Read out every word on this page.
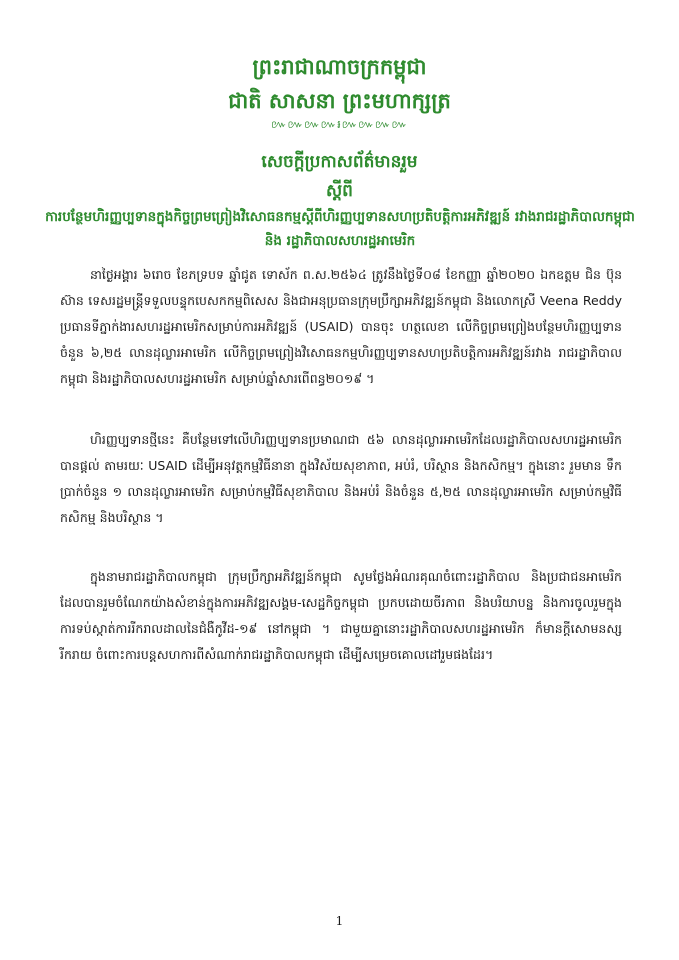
ព្រះរាជាណាចក្រកម្ពុជា
ជាតិ សាសនា ព្រះមហាក្សត្រ
៚៚៚៚៛៚៚៚៚
សេចក្តីប្រកាសព័ត៌មានរួម
ស្តីពី
ការបន្ថែមហិរញ្ញប្បទានក្នុងកិច្ចព្រមព្រៀងវិសោធនកម្មស្តីពីហិរញ្ញប្បទានសហប្រតិបត្តិការអភិវឌ្ឍន៍ រវាងរាជរដ្ឋាភិបាលកម្ពុជា និង រដ្ឋាភិបាលសហរដ្ឋអាមេរិក
នាថ្ងៃអង្គារ ៦រោច ខែភទ្របទ ឆ្នាំជូត ទោស័ក ព.ស.២៥៦៤ ត្រូវនឹងថ្ងៃទី០៨ ខែកញ្ញា ឆ្នាំ២០២០ ឯកឧត្តម ជិន ប៊ុនស៊ាន ទេសរដ្ឋមន្ត្រីទទួលបន្ទុកបេសកកម្មពិសេស និងជាអនុប្រធានក្រុមប្រឹក្សាអភិវឌ្ឍន៍កម្ពុជា និងលោកស្រី Veena Reddy ប្រធានទីភ្នាក់ងារសហរដ្ឋអាមេរិកសម្រាប់ការអភិវឌ្ឍន៍ (USAID) បានចុះ ហត្ថលេខា លើកិច្ចព្រមព្រៀងបន្ថែមហិរញ្ញប្បទាន ចំនួន ៦,២៥ លានដុល្លារអាមេរិក លើកិច្ចព្រមព្រៀងវិសោធនកម្មហិរញ្ញប្បទានសហប្រតិបត្តិការអភិវឌ្ឍន៍រវាង រាជរដ្ឋាភិបាលកម្ពុជា និងរដ្ឋាភិបាលសហរដ្ឋអាមេរិក សម្រាប់ឆ្នាំសារពើពន្ធ២០១៩ ។
ហិរញ្ញប្បទានថ្មីនេះ គឺបន្ថែមទៅលើហិរញ្ញប្បទានប្រមាណជា ៥៦ លានដុល្លារអាមេរិកដែលរដ្ឋាភិបាលសហរដ្ឋអាមេរិកបានផ្តល់ តាមរយៈ USAID ដើម្បីអនុវត្តកម្មវិធីនានា ក្នុងវិស័យសុខាភាព, អប់រំ, បរិស្ថាន និងកសិកម្ម។ ក្នុងនោះ រួមមាន ទឹកប្រាក់ចំនួន ១ លានដុល្លារអាមេរិក សម្រាប់កម្មវិធីសុខាភិបាល និងអប់រំ និងចំនួន ៥,២៥ លានដុល្លារអាមេរិក សម្រាប់កម្មវិធីកសិកម្ម និងបរិស្ថាន ។
ក្នុងនាមរាជរដ្ឋាភិបាលកម្ពុជា ក្រុមប្រឹក្សាអភិវឌ្ឍន៍កម្ពុជា សូមថ្លែងអំណរគុណចំពោះរដ្ឋាភិបាល និងប្រជាជនអាមេរិក ដែលបានរួមចំណែកយ៉ាងសំខាន់ក្នុងការអភិវឌ្ឍសង្គម-សេដ្ឋកិច្ចកម្ពុជា ប្រកបដោយចីរភាព និងបរិយាបន្ន និងការចូលរួមក្នុងការទប់ស្កាត់ការរីករាលដាលនៃជំងឺកូវីដ-១៩ នៅកម្ពុជា ។ ជាមួយគ្នានោះរដ្ឋាភិបាលសហរដ្ឋអាមេរិក ក៏មានក្តីសោមនស្សរីករាយ ចំពោះការបន្តសហការពីសំណាក់រាជរដ្ឋាភិបាលកម្ពុជា ដើម្បីសម្រេចគោលដៅរួមផងដែរ។
1
